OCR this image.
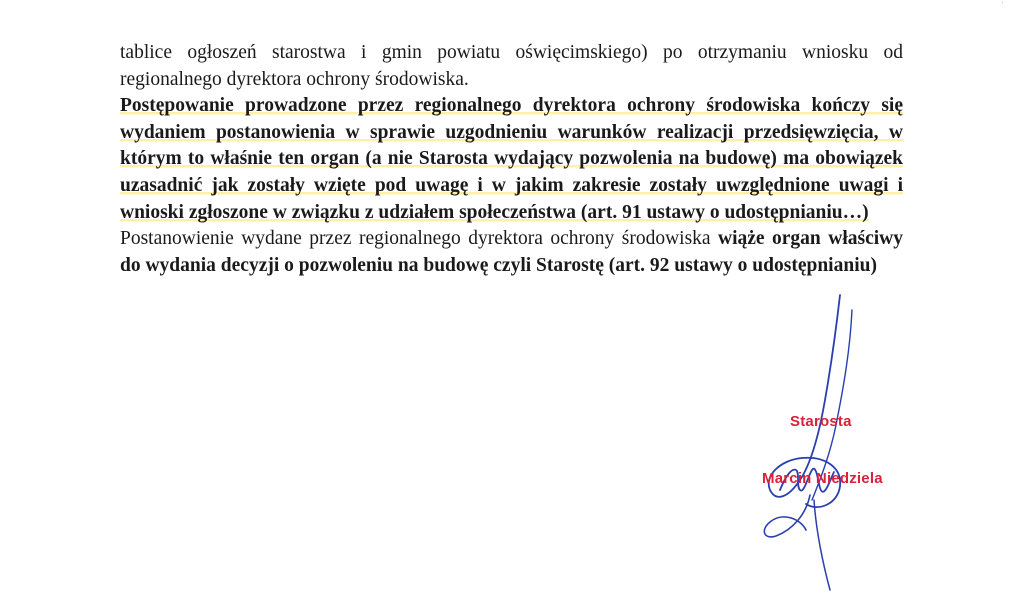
·

tablice ogłoszeń starostwa i gmin powiatu oświęcimskiego) po otrzymaniu wniosku od regionalnego dyrektora ochrony środowiska.

Postępowanie prowadzone przez regionalnego dyrektora ochrony środowiska kończy się wydaniem postanowienia w sprawie uzgodnieniu warunków realizacji przedsięwzięcia, w którym to właśnie ten organ (a nie Starosta wydający pozwolenia na budowę) ma obowiązek uzasadnić jak zostały wzięte pod uwagę i w jakim zakresie zostały uwzględnione uwagi i wnioski zgłoszone w związku z udziałem społeczeństwa (art. 91 ustawy o udostępnianiu…)

Postanowienie wydane przez regionalnego dyrektora ochrony środowiska wiąże organ właściwy do wydania decyzji o pozwoleniu na budowę czyli Starostę (art. 92 ustawy o udostępnianiu)

Starosta
Marcin Niedziela
